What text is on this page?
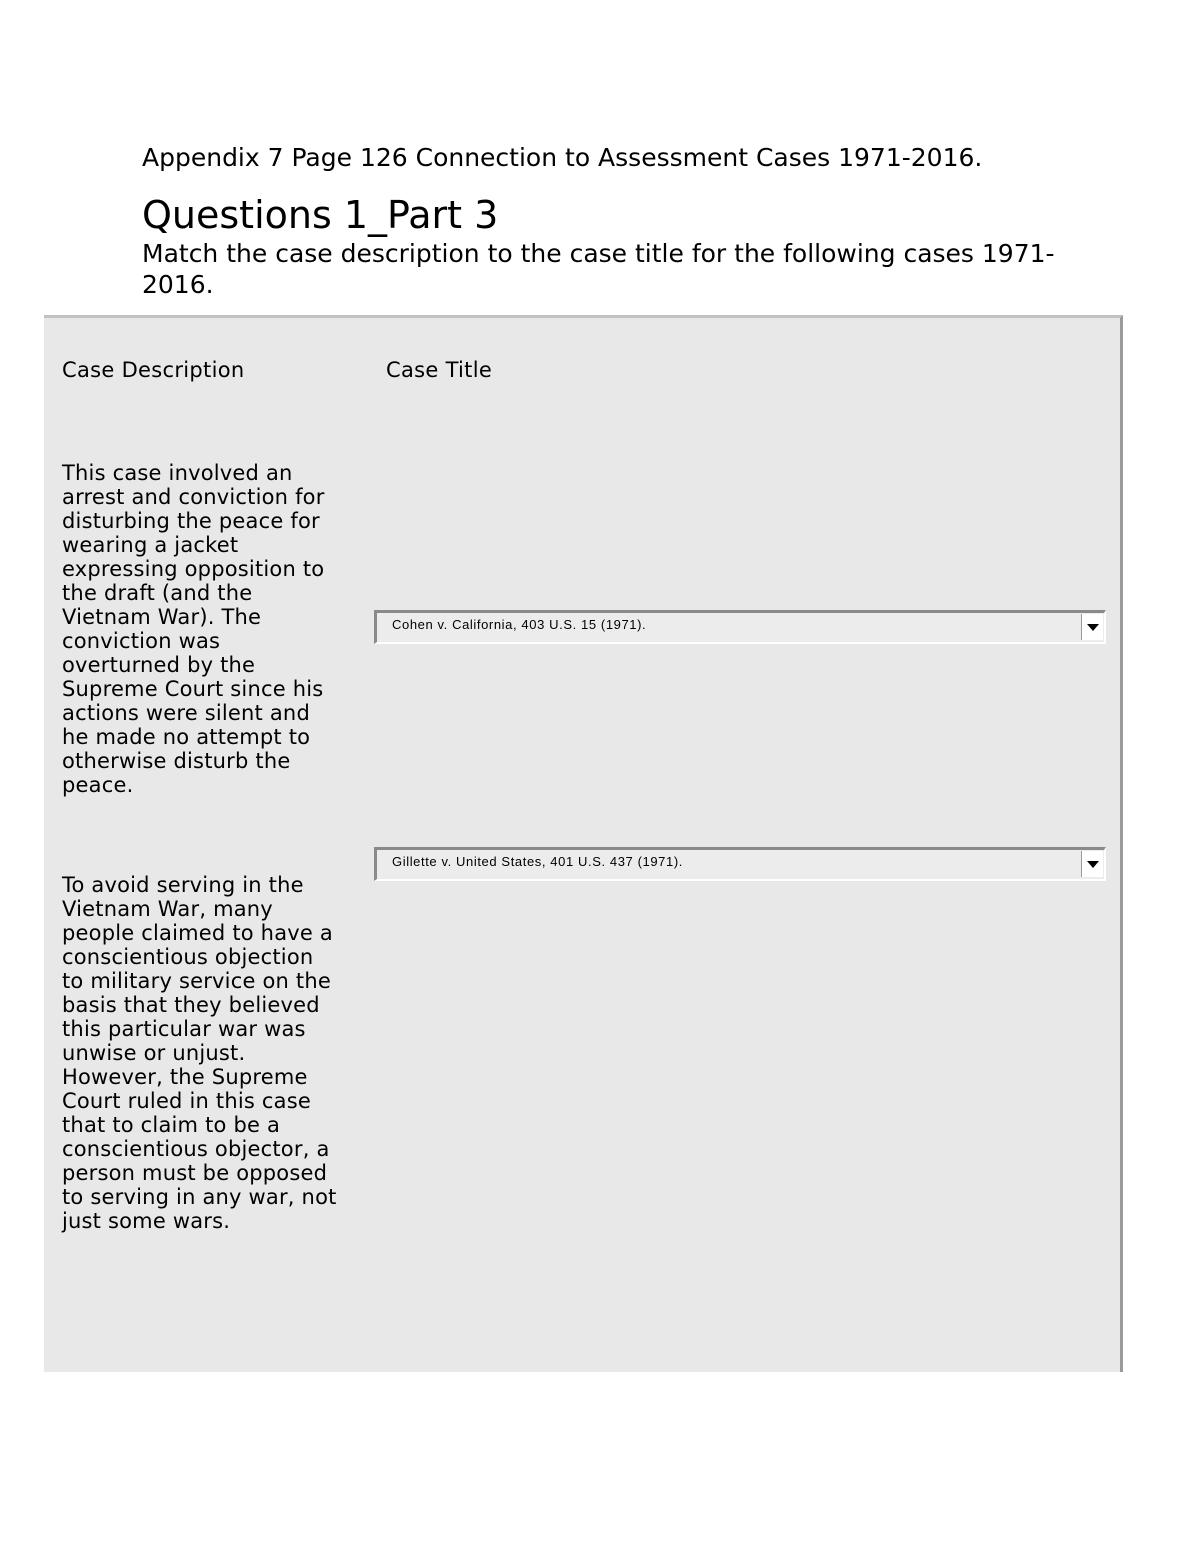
Appendix 7 Page 126 Connection to Assessment Cases 1971-2016.
Questions 1_Part 3
Match the case description to the case title for the following cases 1971-2016.
Case Description	Case Title
This case involved an arrest and conviction for disturbing the peace for wearing a jacket expressing opposition to the draft (and the Vietnam War). The conviction was overturned by the Supreme Court since his actions were silent and he made no attempt to otherwise disturb the peace.
Cohen v. California, 403 U.S. 15 (1971).
To avoid serving in the Vietnam War, many people claimed to have a conscientious objection to military service on the basis that they believed this particular war was unwise or unjust. However, the Supreme Court ruled in this case that to claim to be a conscientious objector, a person must be opposed to serving in any war, not just some wars.
Gillette v. United States, 401 U.S. 437 (1971).
